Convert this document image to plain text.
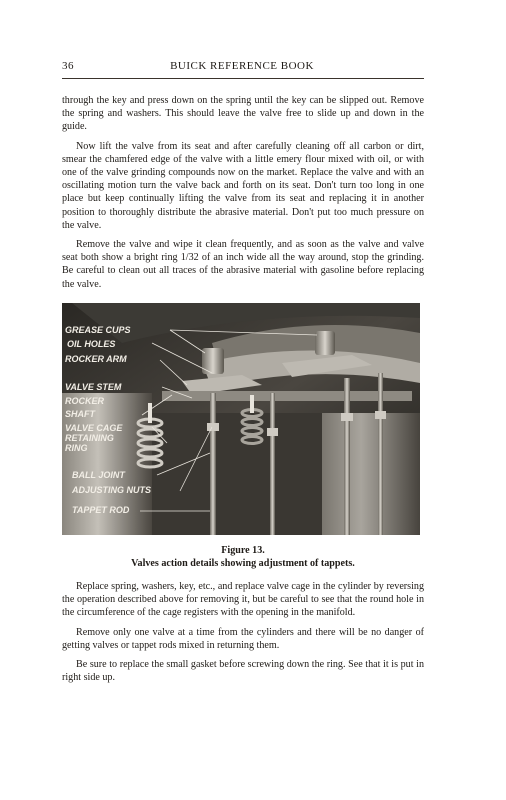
36	BUICK REFERENCE BOOK

through the key and press down on the spring until the key can be slipped out. Remove the spring and washers. This should leave the valve free to slide up and down in the guide.

Now lift the valve from its seat and after carefully cleaning off all carbon or dirt, smear the chamfered edge of the valve with a little emery flour mixed with oil, or with one of the valve grinding compounds now on the market. Replace the valve and with an oscillating motion turn the valve back and forth on its seat. Don't turn too long in one place but keep continually lifting the valve from its seat and replacing it in another position to thoroughly distribute the abrasive material. Don't put too much pressure on the valve.

Remove the valve and wipe it clean frequently, and as soon as the valve and valve seat both show a bright ring 1/32 of an inch wide all the way around, stop the grinding. Be careful to clean out all traces of the abrasive material with gasoline before replacing the valve.

GREASE CUPS
OIL HOLES
ROCKER ARM
VALVE STEM
ROCKER
SHAFT
VALVE CAGE
RETAINING
RING
BALL JOINT
ADJUSTING NUTS
TAPPET ROD
Figure 13.
Valves action details showing adjustment of tappets.

Replace spring, washers, key, etc., and replace valve cage in the cylinder by reversing the operation described above for removing it, but be careful to see that the round hole in the circumference of the cage registers with the opening in the manifold.

Remove only one valve at a time from the cylinders and there will be no danger of getting valves or tappet rods mixed in returning them.

Be sure to replace the small gasket before screwing down the ring. See that it is put in right side up.
